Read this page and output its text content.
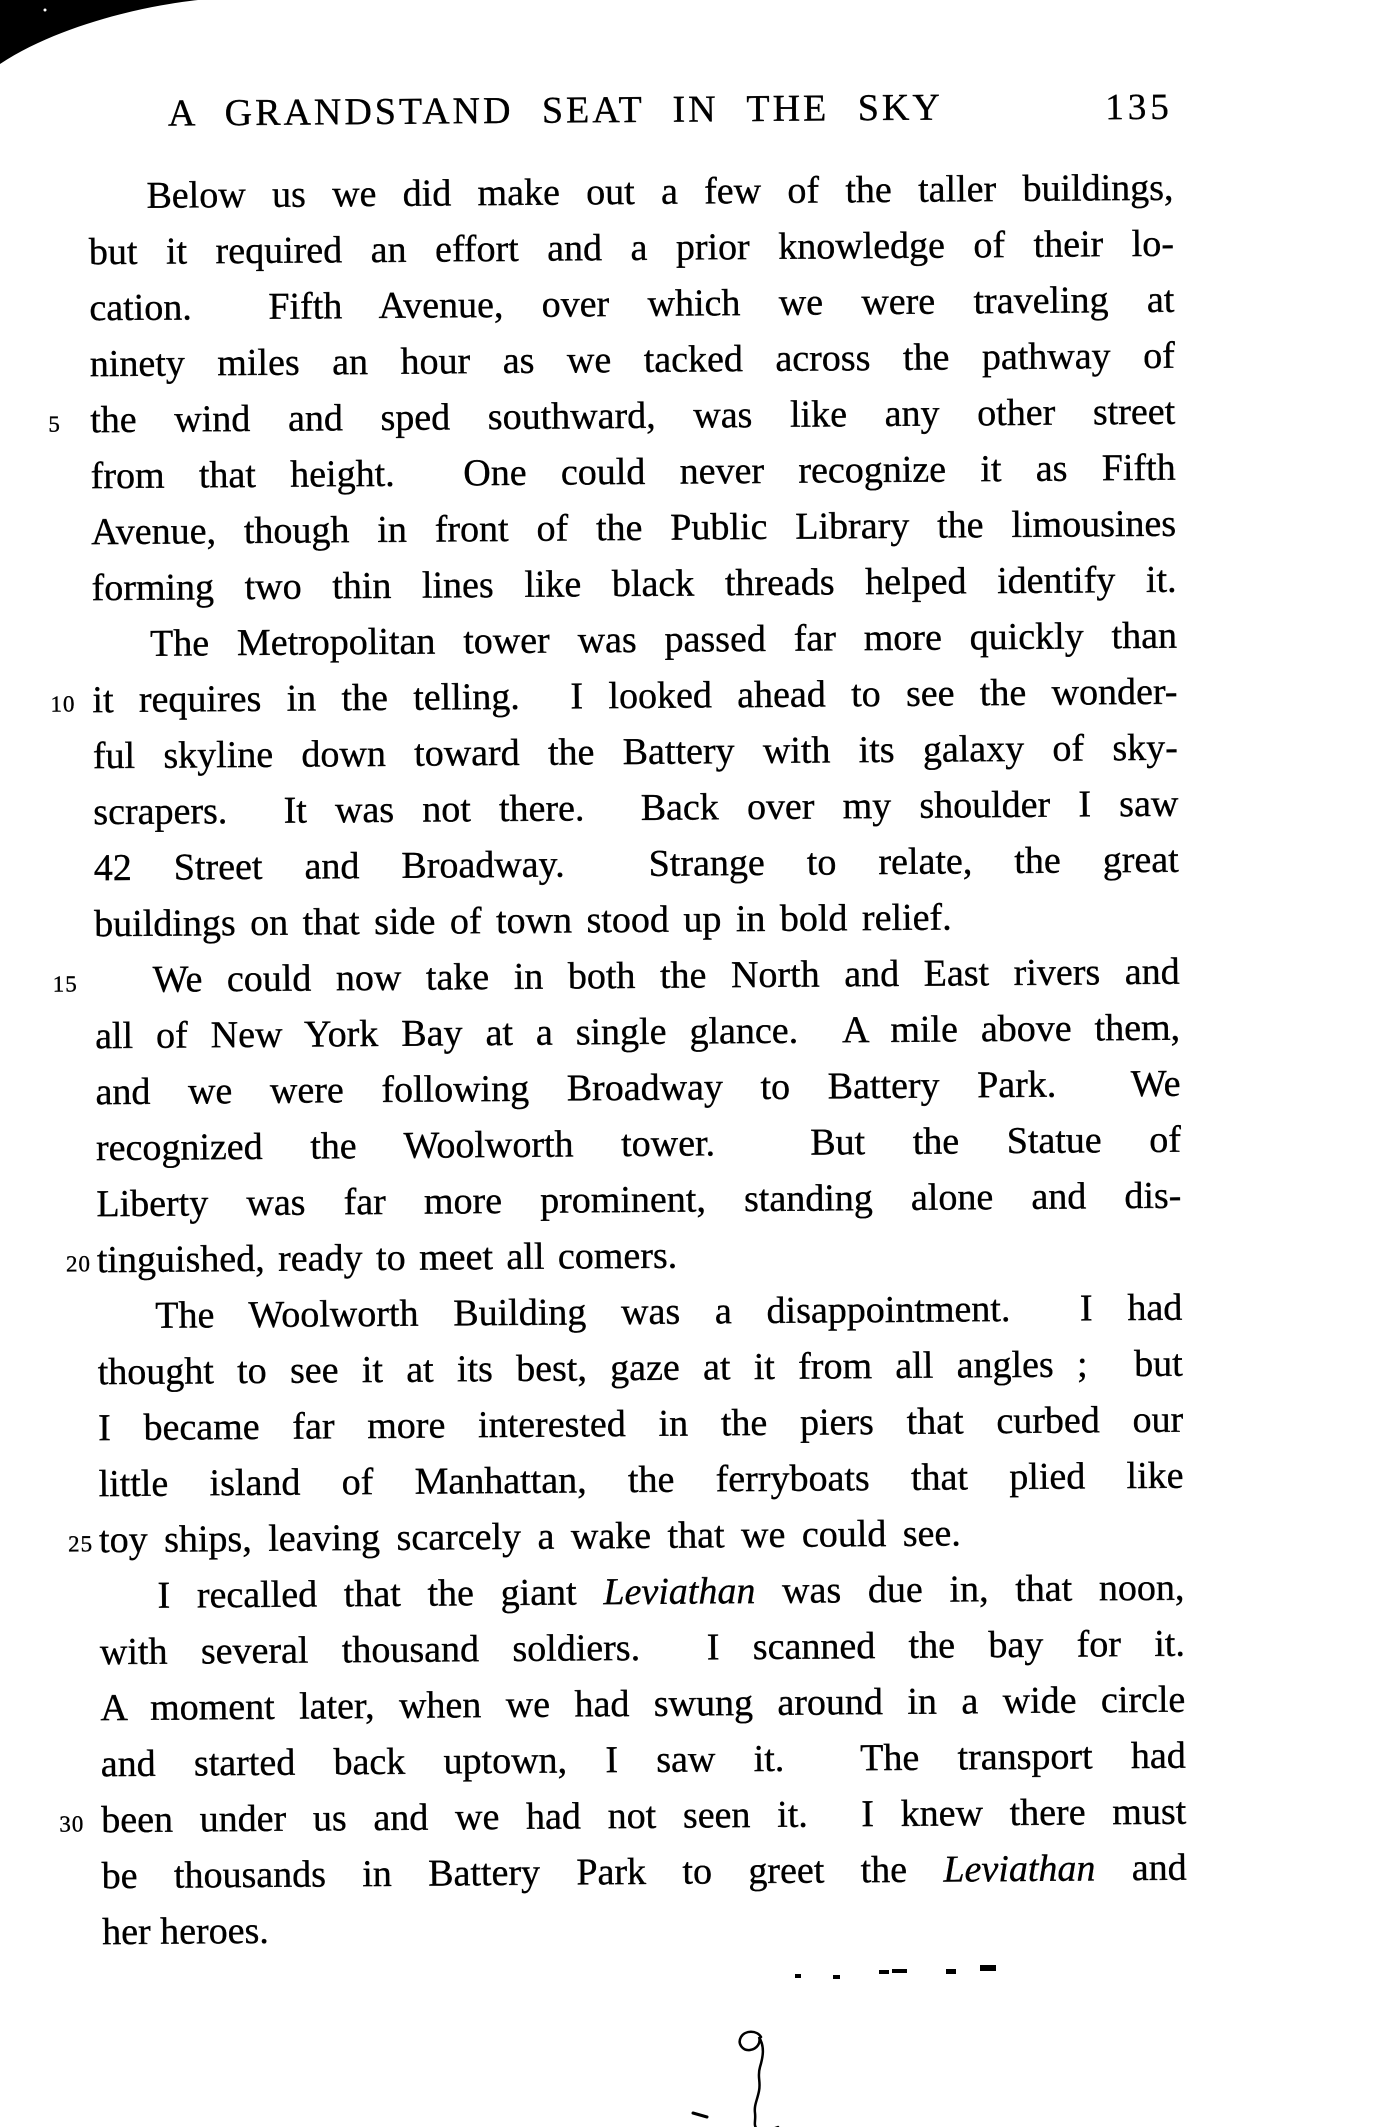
A GRANDSTAND SEAT IN THE SKY	135
Below us we did make out a few of the taller buildings,
but it required an effort and a prior knowledge of their lo-
cation.  Fifth Avenue, over which we were traveling at
ninety miles an hour as we tacked across the pathway of
5 the wind and sped southward, was like any other street
from that height.  One could never recognize it as Fifth
Avenue, though in front of the Public Library the limousines
forming two thin lines like black threads helped identify it.
The Metropolitan tower was passed far more quickly than
10 it requires in the telling.  I looked ahead to see the wonder-
ful skyline down toward the Battery with its galaxy of sky-
scrapers.  It was not there.  Back over my shoulder I saw
42 Street and Broadway.  Strange to relate, the great
buildings on that side of town stood up in bold relief.
15 We could now take in both the North and East rivers and
all of New York Bay at a single glance.  A mile above them,
and we were following Broadway to Battery Park.  We
recognized the Woolworth tower.  But the Statue of
Liberty was far more prominent, standing alone and dis-
20 tinguished, ready to meet all comers.
The Woolworth Building was a disappointment.  I had
thought to see it at its best, gaze at it from all angles ;  but
I became far more interested in the piers that curbed our
little island of Manhattan, the ferryboats that plied like
25 toy ships, leaving scarcely a wake that we could see.
I recalled that the giant Leviathan was due in, that noon,
with several thousand soldiers.  I scanned the bay for it.
A moment later, when we had swung around in a wide circle
and started back uptown, I saw it.  The transport had
30 been under us and we had not seen it.  I knew there must
be thousands in Battery Park to greet the Leviathan and
her heroes.
